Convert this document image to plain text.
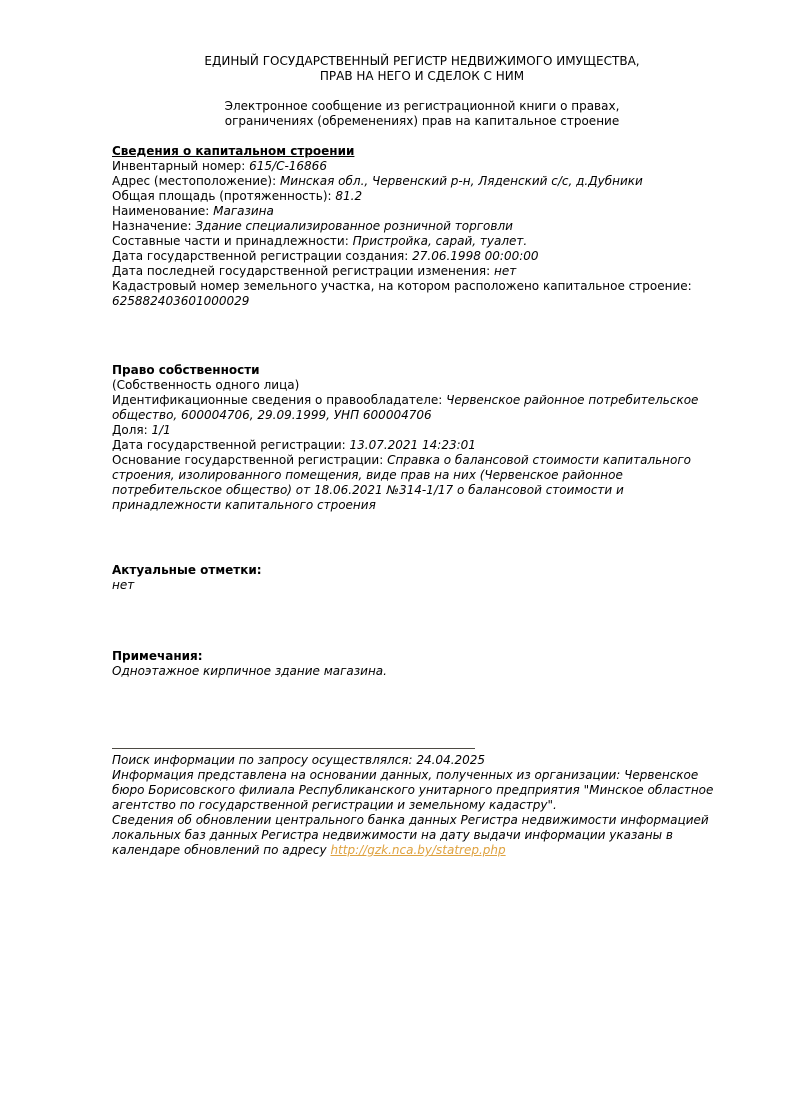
ЕДИНЫЙ ГОСУДАРСТВЕННЫЙ РЕГИСТР НЕДВИЖИМОГО ИМУЩЕСТВА,
ПРАВ НА НЕГО И СДЕЛОК С НИМ
Электронное сообщение из регистрационной книги о правах,
ограничениях (обременениях) прав на капитальное строение
Сведения о капитальном строении
Инвентарный номер: 615/C-16866
Адрес (местоположение): Минская обл., Червенский р-н, Ляденский с/с, д.Дубники
Общая площадь (протяженность): 81.2
Наименование: Магазина
Назначение: Здание специализированное розничной торговли
Составные части и принадлежности: Пристройка, сарай, туалет.
Дата государственной регистрации создания: 27.06.1998 00:00:00
Дата последней государственной регистрации изменения: нет
Кадастровый номер земельного участка, на котором расположено капитальное строение: 625882403601000029
Право собственности
(Собственность одного лица)
Идентификационные сведения о правообладателе: Червенское районное потребительское общество, 600004706, 29.09.1999, УНП 600004706
Доля: 1/1
Дата государственной регистрации: 13.07.2021 14:23:01
Основание государственной регистрации: Справка о балансовой стоимости капитального строения, изолированного помещения, виде прав на них (Червенское районное потребительское общество) от 18.06.2021 №314-1/17 о балансовой стоимости и принадлежности капитального строения
Актуальные отметки:
нет
Примечания:
Одноэтажное кирпичное здание магазина.

Поиск информации по запросу осуществлялся: 24.04.2025

Информация представлена на основании данных, полученных из организации: Червенское бюро Борисовского филиала Республиканского унитарного предприятия "Минское областное агентство по государственной регистрации и земельному кадастру".

Сведения об обновлении центрального банка данных Регистра недвижимости информацией локальных баз данных Регистра недвижимости на дату выдачи информации указаны в календаре обновлений по адресу http://gzk.nca.by/statrep.php
